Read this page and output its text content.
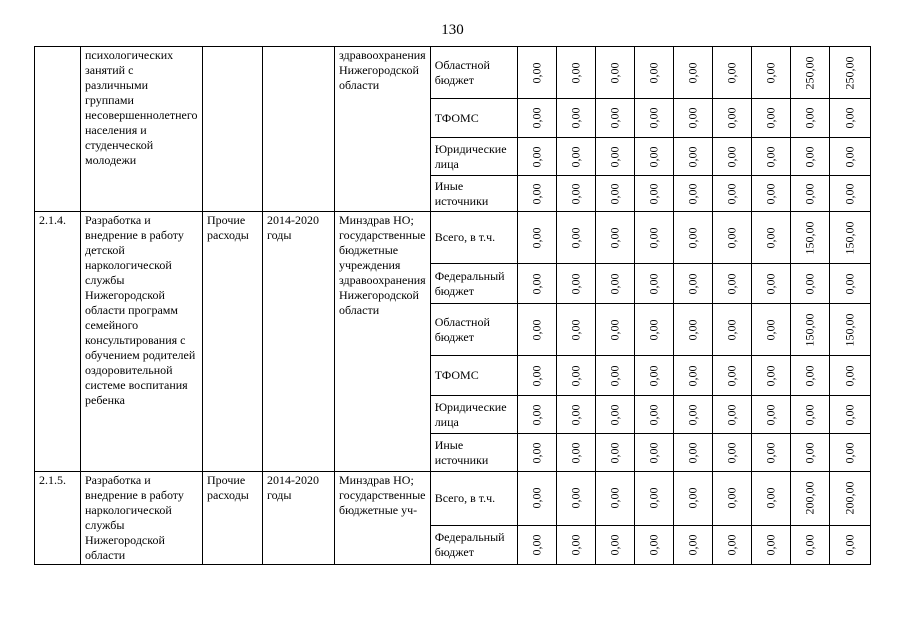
130
	психологических занятий с различными группами несовершеннолетнего населения и студенческой молодежи			здравоохранения Нижегородской области	Областной бюджет	0,00	0,00	0,00	0,00	0,00	0,00	0,00	250,00	250,00

					ТФОМС	0,00	0,00	0,00	0,00	0,00	0,00	0,00	0,00	0,00

					Юридические лица	0,00	0,00	0,00	0,00	0,00	0,00	0,00	0,00	0,00

					Иные источники	0,00	0,00	0,00	0,00	0,00	0,00	0,00	0,00	0,00

2.1.4.	Разработка и внедрение в работу детской наркологической службы Нижегородской области программ семейного консультирования с обучением родителей оздоровительной системе воспитания ребенка	Прочие расходы	2014-2020 годы	Минздрав НО; государственные бюджетные учреждения здравоохранения Нижегородской области	Всего, в т.ч.	0,00	0,00	0,00	0,00	0,00	0,00	0,00	150,00	150,00

					Федеральный бюджет	0,00	0,00	0,00	0,00	0,00	0,00	0,00	0,00	0,00

					Областной бюджет	0,00	0,00	0,00	0,00	0,00	0,00	0,00	150,00	150,00

					ТФОМС	0,00	0,00	0,00	0,00	0,00	0,00	0,00	0,00	0,00

					Юридические лица	0,00	0,00	0,00	0,00	0,00	0,00	0,00	0,00	0,00

					Иные источники	0,00	0,00	0,00	0,00	0,00	0,00	0,00	0,00	0,00

2.1.5.	Разработка и внедрение в работу наркологической службы Нижегородской области	Прочие расходы	2014-2020 годы	Минздрав НО; государственные бюджетные уч-	Всего, в т.ч.	0,00	0,00	0,00	0,00	0,00	0,00	0,00	200,00	200,00

					Федеральный бюджет	0,00	0,00	0,00	0,00	0,00	0,00	0,00	0,00	0,00
